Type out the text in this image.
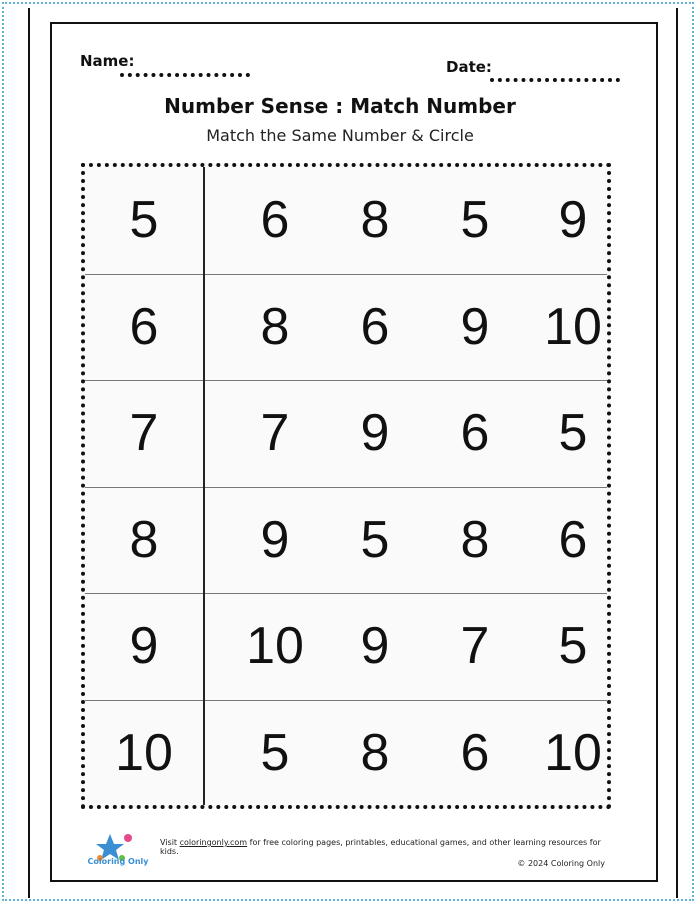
Name:	Date:
Number Sense : Match Number
Match the Same Number & Circle
5	6	8	5	9
6	8	6	9	10
7	7	9	6	5
8	9	5	8	6
9	10	9	7	5
10	5	8	6	10
Coloring Only
Visit coloringonly.com for free coloring pages, printables, educational games, and other learning resources for kids.
© 2024 Coloring Only
